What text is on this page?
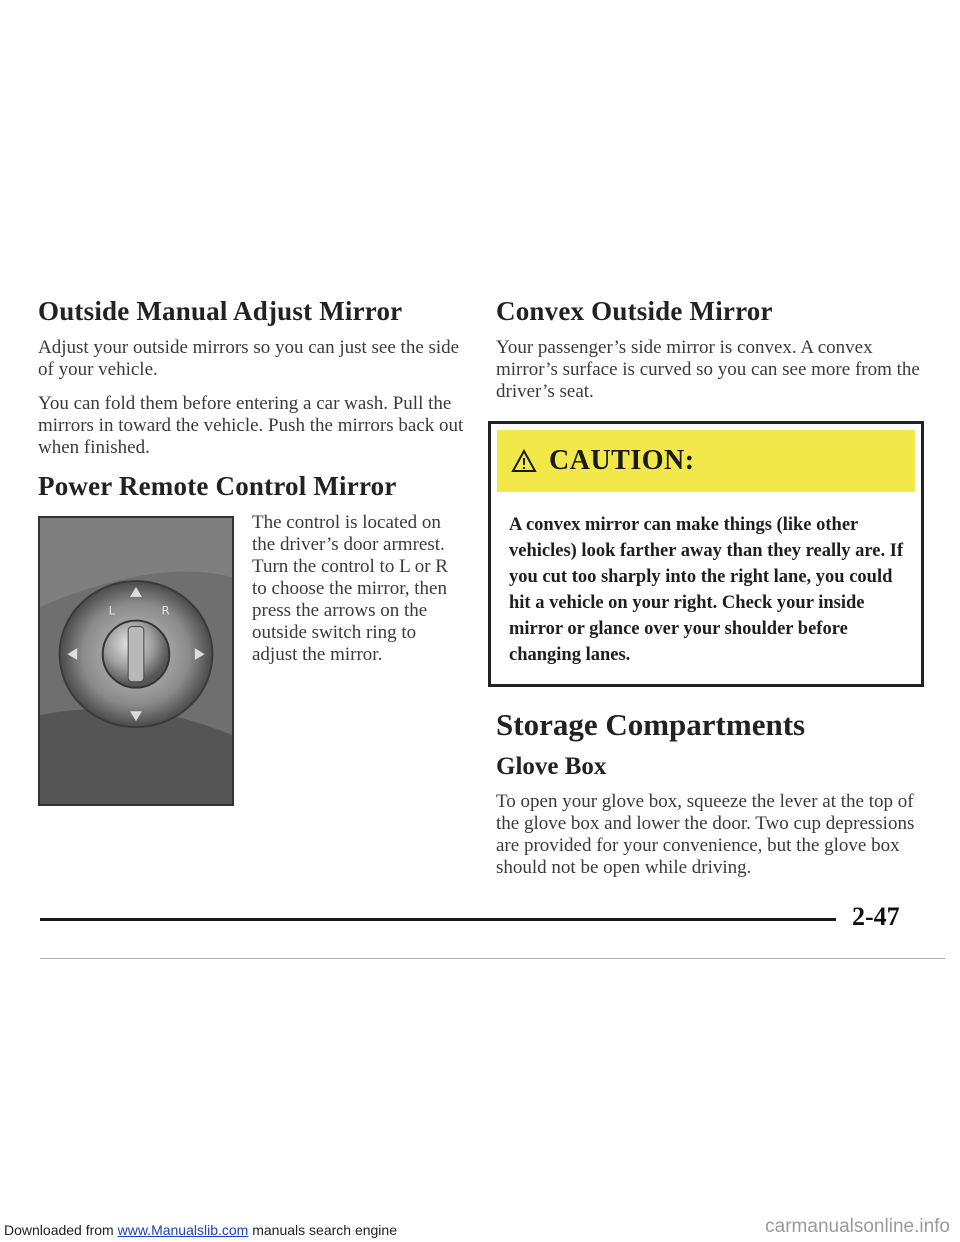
Outside Manual Adjust Mirror

Adjust your outside mirrors so you can just see the side of your vehicle.

You can fold them before entering a car wash. Pull the mirrors in toward the vehicle. Push the mirrors back out when finished.

Power Remote Control Mirror
L	R
The control is located on the driver’s door armrest. Turn the control to L or R to choose the mirror, then press the arrows on the outside switch ring to adjust the mirror.
Convex Outside Mirror

Your passenger’s side mirror is convex. A convex mirror’s surface is curved so you can see more from the driver’s seat.

CAUTION:
A convex mirror can make things (like other vehicles) look farther away than they really are. If you cut too sharply into the right lane, you could hit a vehicle on your right. Check your inside mirror or glance over your shoulder before changing lanes.
Storage Compartments
Glove Box

To open your glove box, squeeze the lever at the top of the glove box and lower the door. Two cup depressions are provided for your convenience, but the glove box should not be open while driving.

2-47
Downloaded from www.Manualslib.com manuals search engine	carmanualsonline.info
